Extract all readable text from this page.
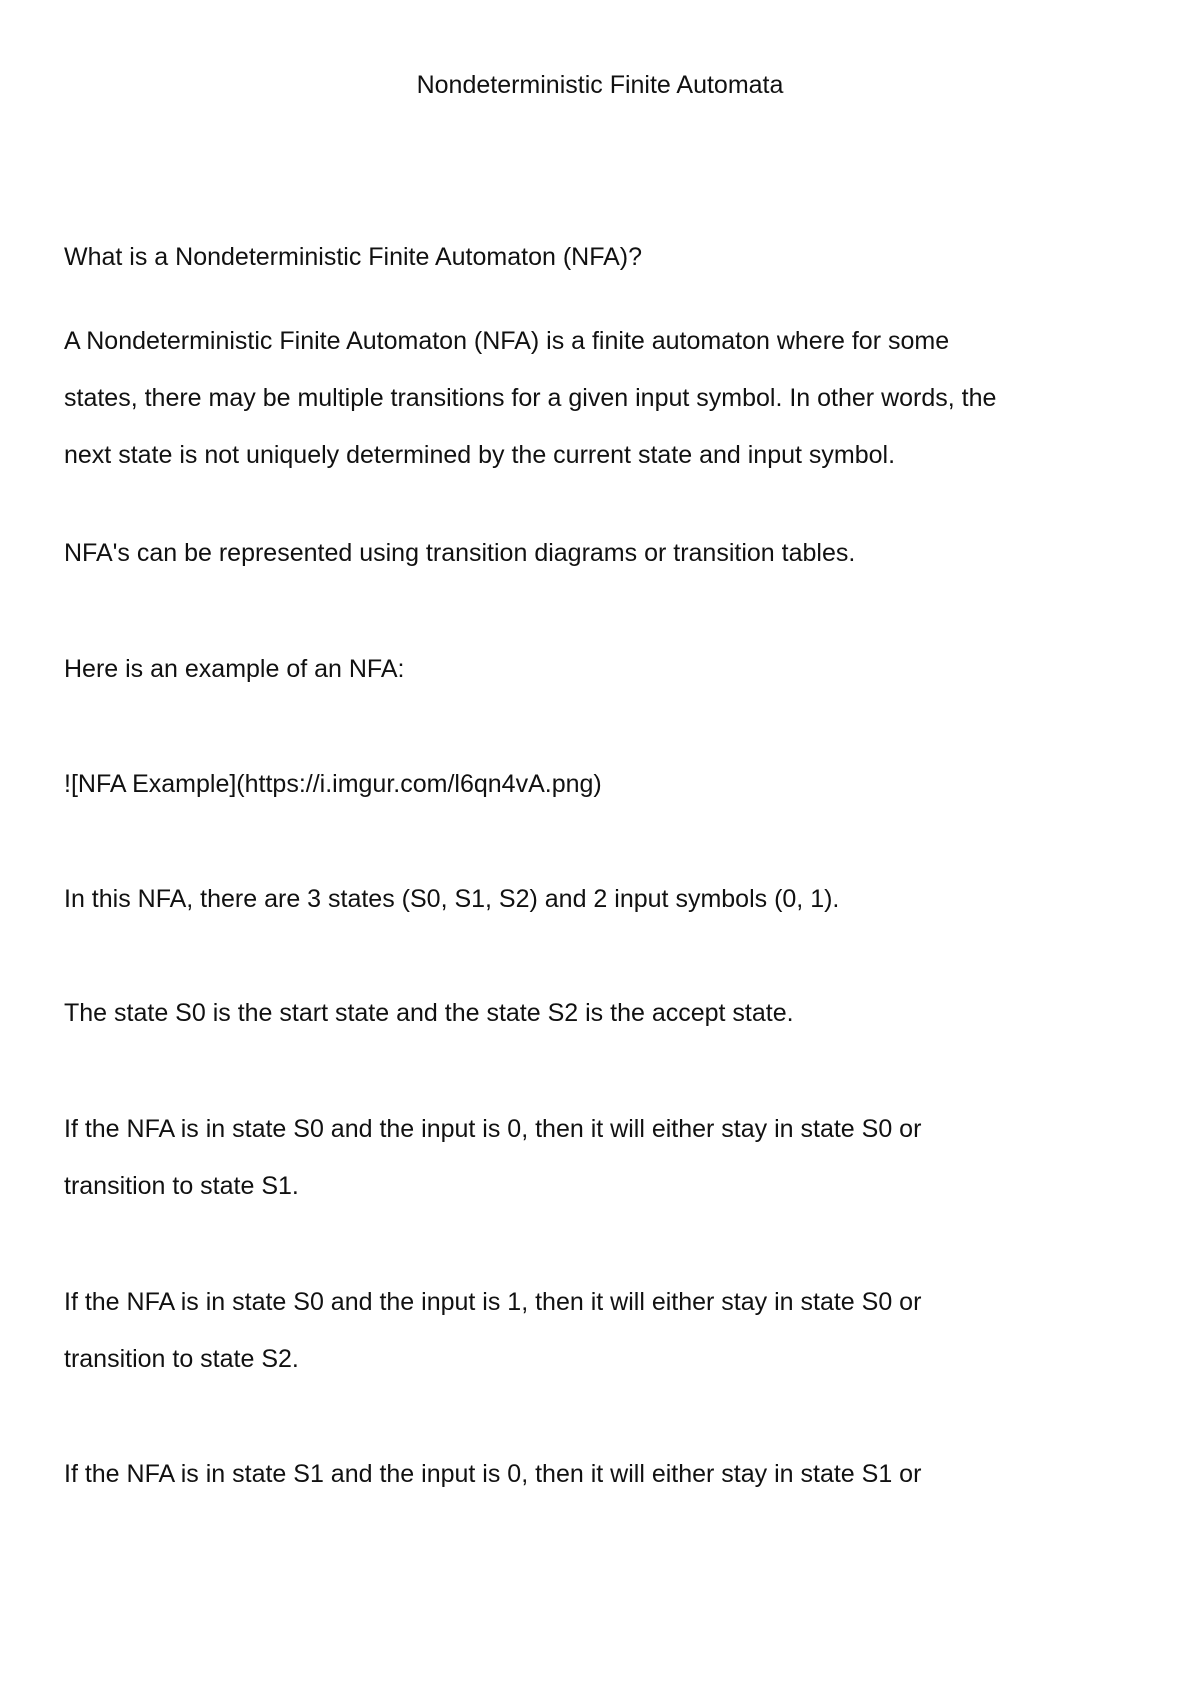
Nondeterministic Finite Automata

What is a Nondeterministic Finite Automaton (NFA)?

A Nondeterministic Finite Automaton (NFA) is a finite automaton where for some
states, there may be multiple transitions for a given input symbol. In other words, the
next state is not uniquely determined by the current state and input symbol.

NFA's can be represented using transition diagrams or transition tables.

Here is an example of an NFA:

![NFA Example](https://i.imgur.com/l6qn4vA.png)

In this NFA, there are 3 states (S0, S1, S2) and 2 input symbols (0, 1).

The state S0 is the start state and the state S2 is the accept state.

If the NFA is in state S0 and the input is 0, then it will either stay in state S0 or
transition to state S1.

If the NFA is in state S0 and the input is 1, then it will either stay in state S0 or
transition to state S2.

If the NFA is in state S1 and the input is 0, then it will either stay in state S1 or
